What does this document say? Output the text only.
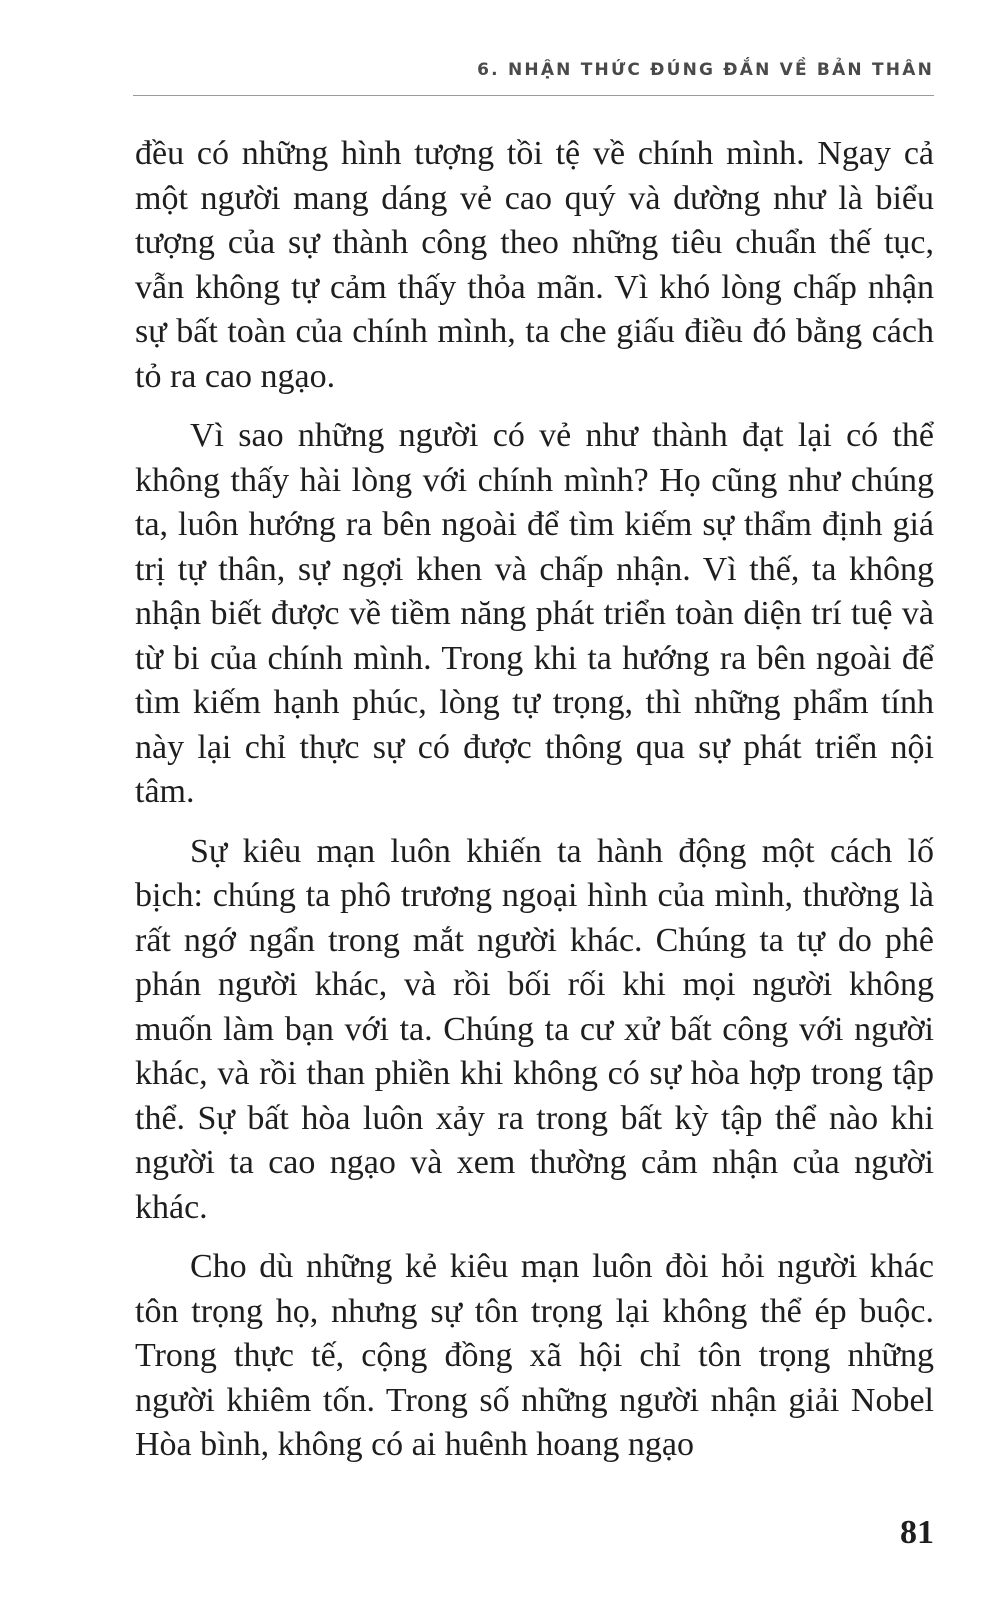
6. NHẬN THỨC ĐÚNG ĐẮN VỀ BẢN THÂN

đều có những hình tượng tồi tệ về chính mình. Ngay cả một người mang dáng vẻ cao quý và dường như là biểu tượng của sự thành công theo những tiêu chuẩn thế tục, vẫn không tự cảm thấy thỏa mãn. Vì khó lòng chấp nhận sự bất toàn của chính mình, ta che giấu điều đó bằng cách tỏ ra cao ngạo.

Vì sao những người có vẻ như thành đạt lại có thể không thấy hài lòng với chính mình? Họ cũng như chúng ta, luôn hướng ra bên ngoài để tìm kiếm sự thẩm định giá trị tự thân, sự ngợi khen và chấp nhận. Vì thế, ta không nhận biết được về tiềm năng phát triển toàn diện trí tuệ và từ bi của chính mình. Trong khi ta hướng ra bên ngoài để tìm kiếm hạnh phúc, lòng tự trọng, thì những phẩm tính này lại chỉ thực sự có được thông qua sự phát triển nội tâm.

Sự kiêu mạn luôn khiến ta hành động một cách lố bịch: chúng ta phô trương ngoại hình của mình, thường là rất ngớ ngẩn trong mắt người khác. Chúng ta tự do phê phán người khác, và rồi bối rối khi mọi người không muốn làm bạn với ta. Chúng ta cư xử bất công với người khác, và rồi than phiền khi không có sự hòa hợp trong tập thể. Sự bất hòa luôn xảy ra trong bất kỳ tập thể nào khi người ta cao ngạo và xem thường cảm nhận của người khác.

Cho dù những kẻ kiêu mạn luôn đòi hỏi người khác tôn trọng họ, nhưng sự tôn trọng lại không thể ép buộc. Trong thực tế, cộng đồng xã hội chỉ tôn trọng những người khiêm tốn. Trong số những người nhận giải Nobel Hòa bình, không có ai huênh hoang ngạo

81
